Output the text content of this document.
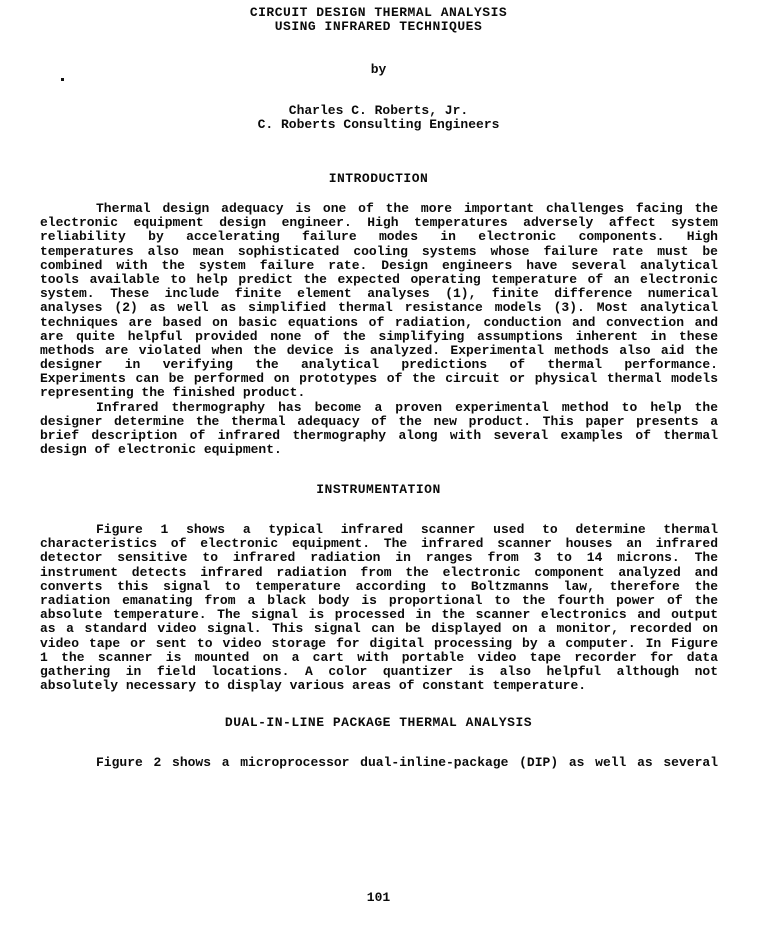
CIRCUIT DESIGN THERMAL ANALYSIS
USING INFRARED TECHNIQUES
by
Charles C. Roberts, Jr.
C. Roberts Consulting Engineers
INTRODUCTION
Thermal design adequacy is one of the more important challenges facing the
electronic equipment design engineer. High temperatures adversely affect system
reliability by accelerating failure modes in electronic components. High
temperatures also mean sophisticated cooling systems whose failure rate must be
combined with the system failure rate. Design engineers have several analytical
tools available to help predict the expected operating temperature of an electronic
system. These include finite element analyses (1), finite difference numerical
analyses (2) as well as simplified thermal resistance models (3). Most analytical
techniques are based on basic equations of radiation, conduction and convection and
are quite helpful provided none of the simplifying assumptions inherent in these
methods are violated when the device is analyzed. Experimental methods also aid the
designer in verifying the analytical predictions of thermal performance.
Experiments can be performed on prototypes of the circuit or physical thermal models
representing the finished product.
Infrared thermography has become a proven experimental method to help the
designer determine the thermal adequacy of the new product. This paper presents a
brief description of infrared thermography along with several examples of thermal
design of electronic equipment.
INSTRUMENTATION
Figure 1 shows a typical infrared scanner used to determine thermal
characteristics of electronic equipment. The infrared scanner houses an infrared
detector sensitive to infrared radiation in ranges from 3 to 14 microns. The
instrument detects infrared radiation from the electronic component analyzed and
converts this signal to temperature according to Boltzmanns law, therefore the
radiation emanating from a black body is proportional to the fourth power of the
absolute temperature. The signal is processed in the scanner electronics and output
as a standard video signal. This signal can be displayed on a monitor, recorded on
video tape or sent to video storage for digital processing by a computer. In Figure
1 the scanner is mounted on a cart with portable video tape recorder for data
gathering in field locations. A color quantizer is also helpful although not
absolutely necessary to display various areas of constant temperature.
DUAL-IN-LINE PACKAGE THERMAL ANALYSIS
Figure 2 shows a microprocessor dual-inline-package (DIP) as well as several
101
